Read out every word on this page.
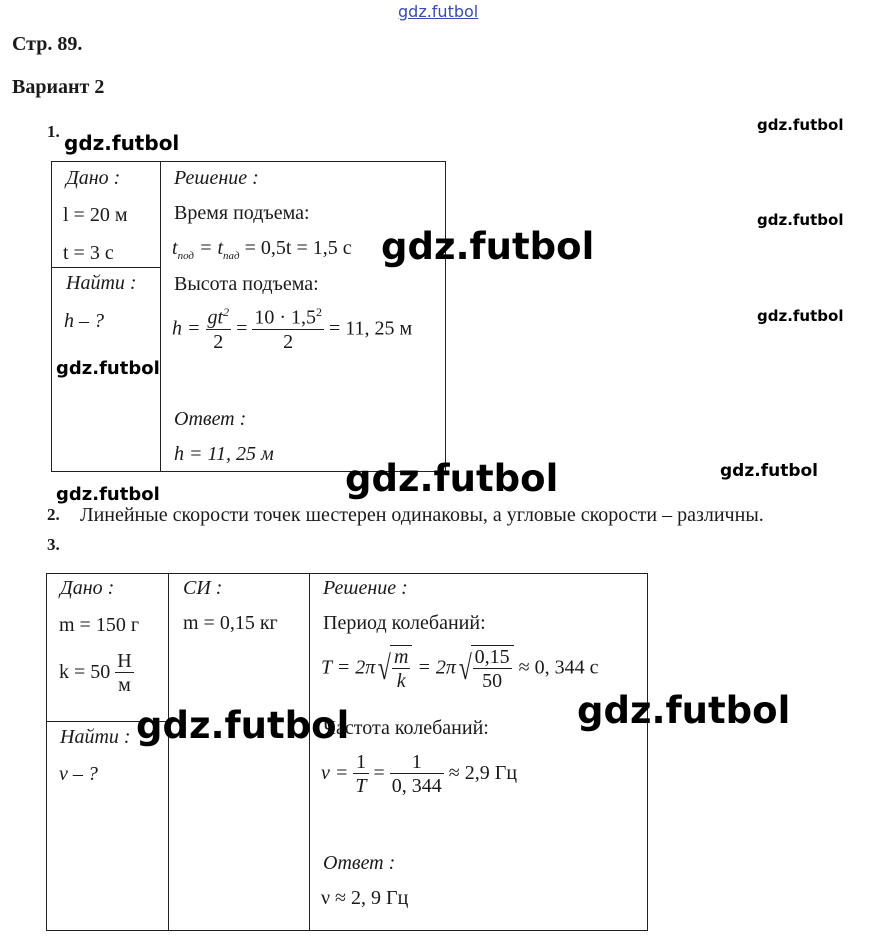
gdz.futbol
gdz.futbol
gdz.futbol
gdz.futbol
gdz.futbol
gdz.futbol
gdz.futbol
gdz.futbol
Стр. 89.
Вариант 2
1.
Дано :
l = 20 м
t = 3 с
Найти :
h – ?
Решение :
Время подъема:
$t_{под} = t_{пад} = 0,5t = 1,5$ с
Высота подъема:
$h = \frac{gt^2}{2} = \frac{10 \cdot 1,5^2}{2} = 11$, 25 м
Ответ :
h = 11, 25 м
gdz.futbol
gdz.futbol
2. Линейные скорости точек шестерен одинаковы, а угловые скорости – различны.
3.
Дано :
m = 150 г
$k = 50 \frac{Н}{м}$
Найти :
ν – ?
СИ :
m = 0,15 кг
Решение :
Период колебаний:
$T = 2\pi√ \frac{m}{k} = 2\pi√ \frac{0,15}{50} \approx 0$, 344 с
Частота колебаний:
$\nu = \frac{1}{T} = \frac{1}{0, 344} \approx 2,9$ Гц
Ответ :
ν ≈ 2, 9 Гц
gdz.futbol	gdz.futbol
